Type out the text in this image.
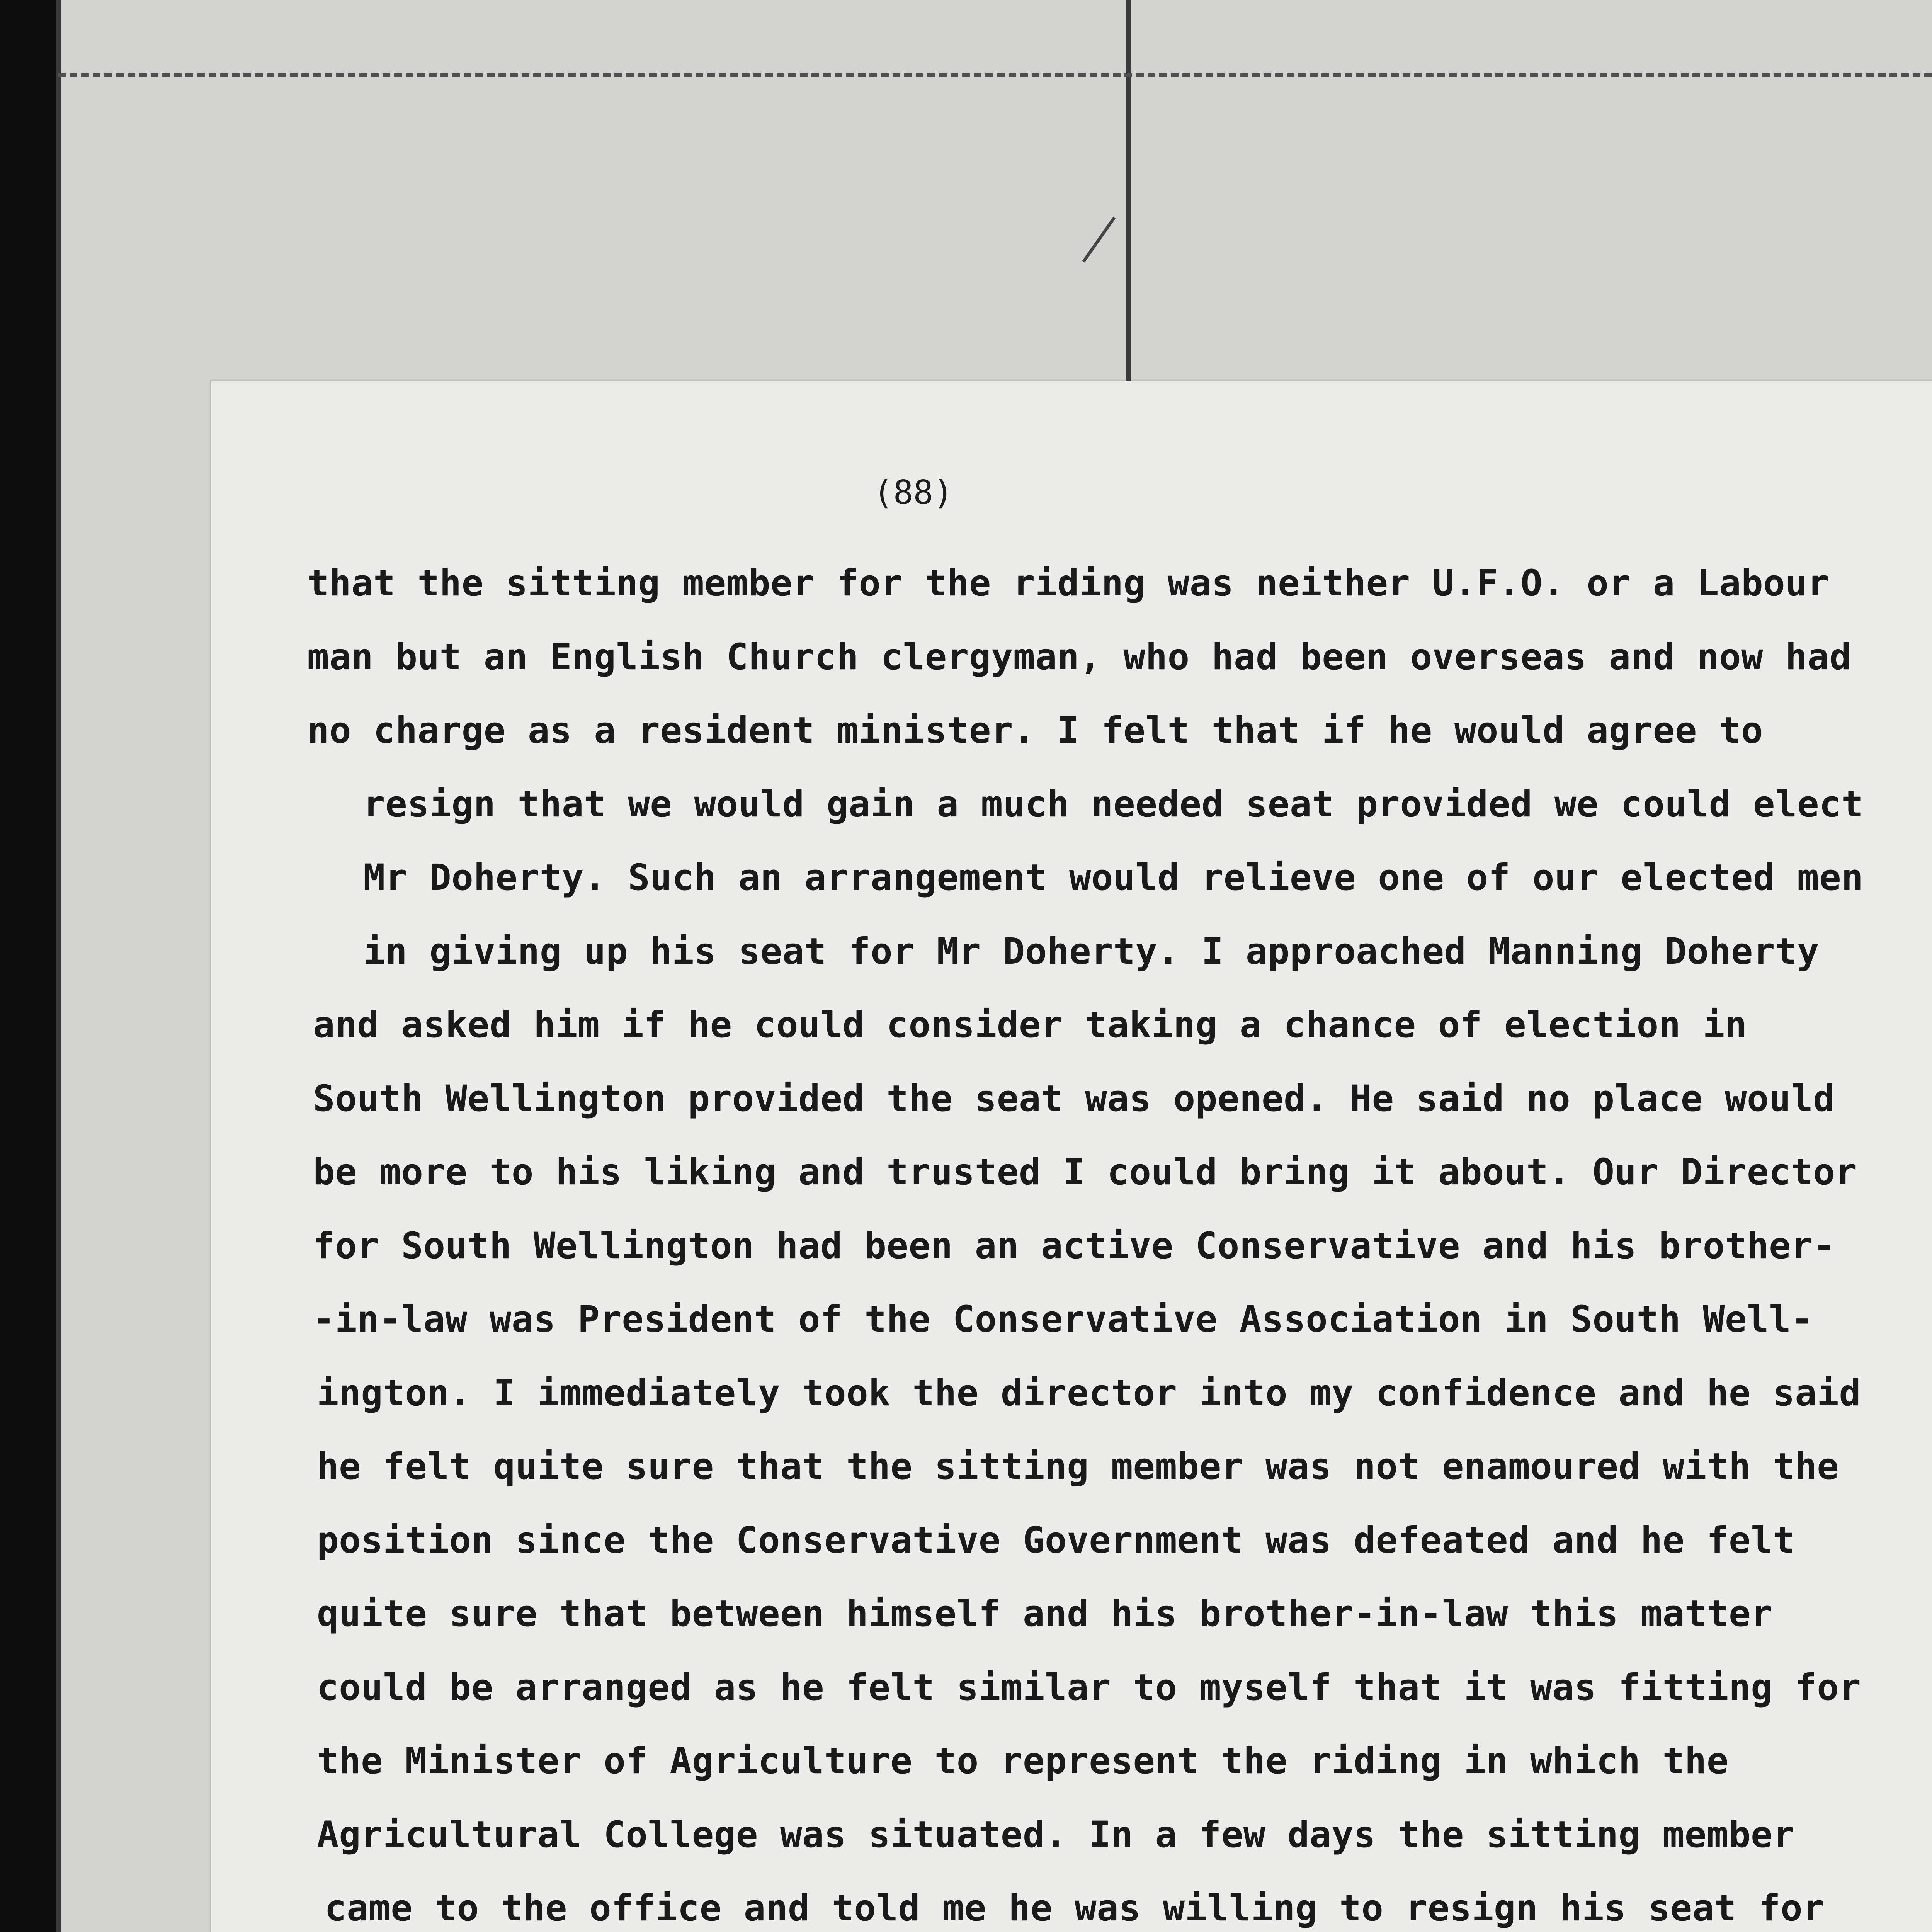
(88)
that the sitting member for the riding was neither U.F.O. or a Labour
man but an English Church clergyman, who had been overseas and now had
no charge as a resident minister. I felt that if he would agree to
resign that we would gain a much needed seat provided we could elect
Mr Doherty. Such an arrangement would relieve one of our elected men
in giving up his seat for Mr Doherty. I approached Manning Doherty
and asked him if he could consider taking a chance of election in
South Wellington provided the seat was opened. He said no place would
be more to his liking and trusted I could bring it about. Our Director
for South Wellington had been an active Conservative and his brother-
-in-law was President of the Conservative Association in South Well-
ington. I immediately took the director into my confidence and he said
he felt quite sure that the sitting member was not enamoured with the
position since the Conservative Government was defeated and he felt
quite sure that between himself and his brother-in-law this matter
could be arranged as he felt similar to myself that it was fitting for
the Minister of Agriculture to represent the riding in which the
Agricultural College was situated. In a few days the sitting member
came to the office and told me he was willing to resign his seat for
